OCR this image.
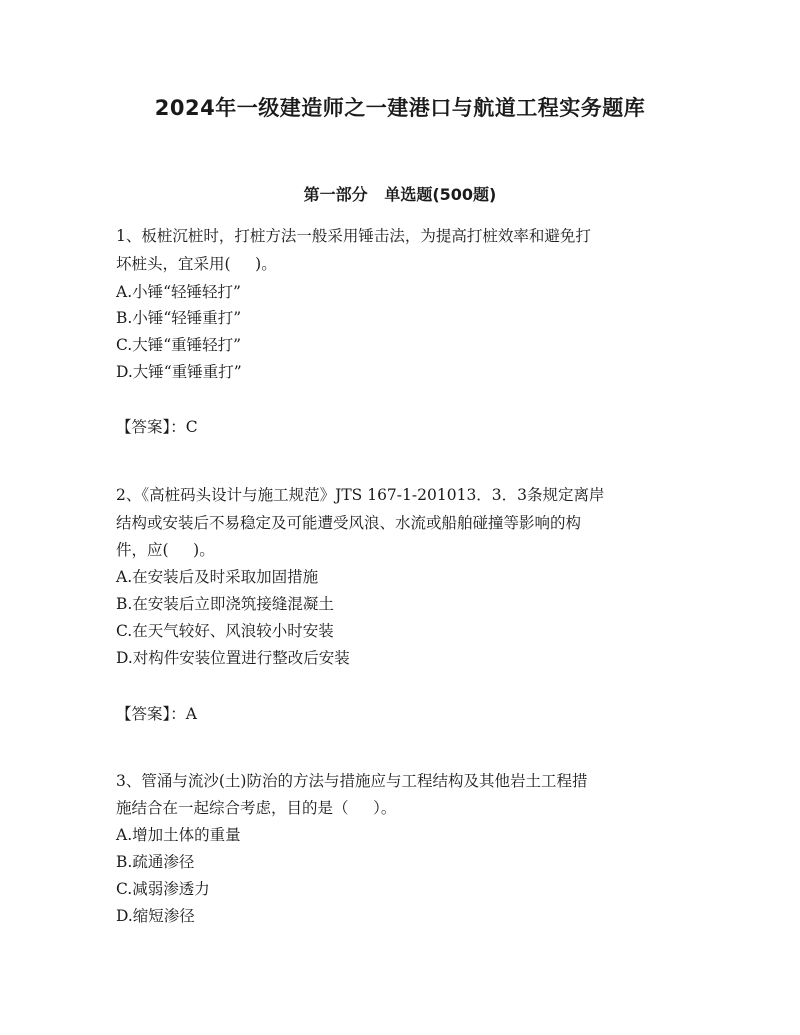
2024年一级建造师之一建港口与航道工程实务题库
第一部分   单选题(500题)
1、板桩沉桩时，打桩方法一般采用锤击法，为提高打桩效率和避免打
坏桩头，宜采用(     )。
A.小锤“轻锤轻打”
B.小锤“轻锤重打”
C.大锤“重锤轻打”
D.大锤“重锤重打”
【答案】：C
2、《高桩码头设计与施工规范》JTS 167-1-201013．3．3条规定离岸
结构或安装后不易稳定及可能遭受风浪、水流或船舶碰撞等影响的构
件，应(     )。
A.在安装后及时采取加固措施
B.在安装后立即浇筑接缝混凝土
C.在天气较好、风浪较小时安装
D.对构件安装位置进行整改后安装
【答案】：A
3、管涌与流沙(土)防治的方法与措施应与工程结构及其他岩土工程措
施结合在一起综合考虑，目的是（     ）。
A.增加土体的重量
B.疏通渗径
C.减弱渗透力
D.缩短渗径
